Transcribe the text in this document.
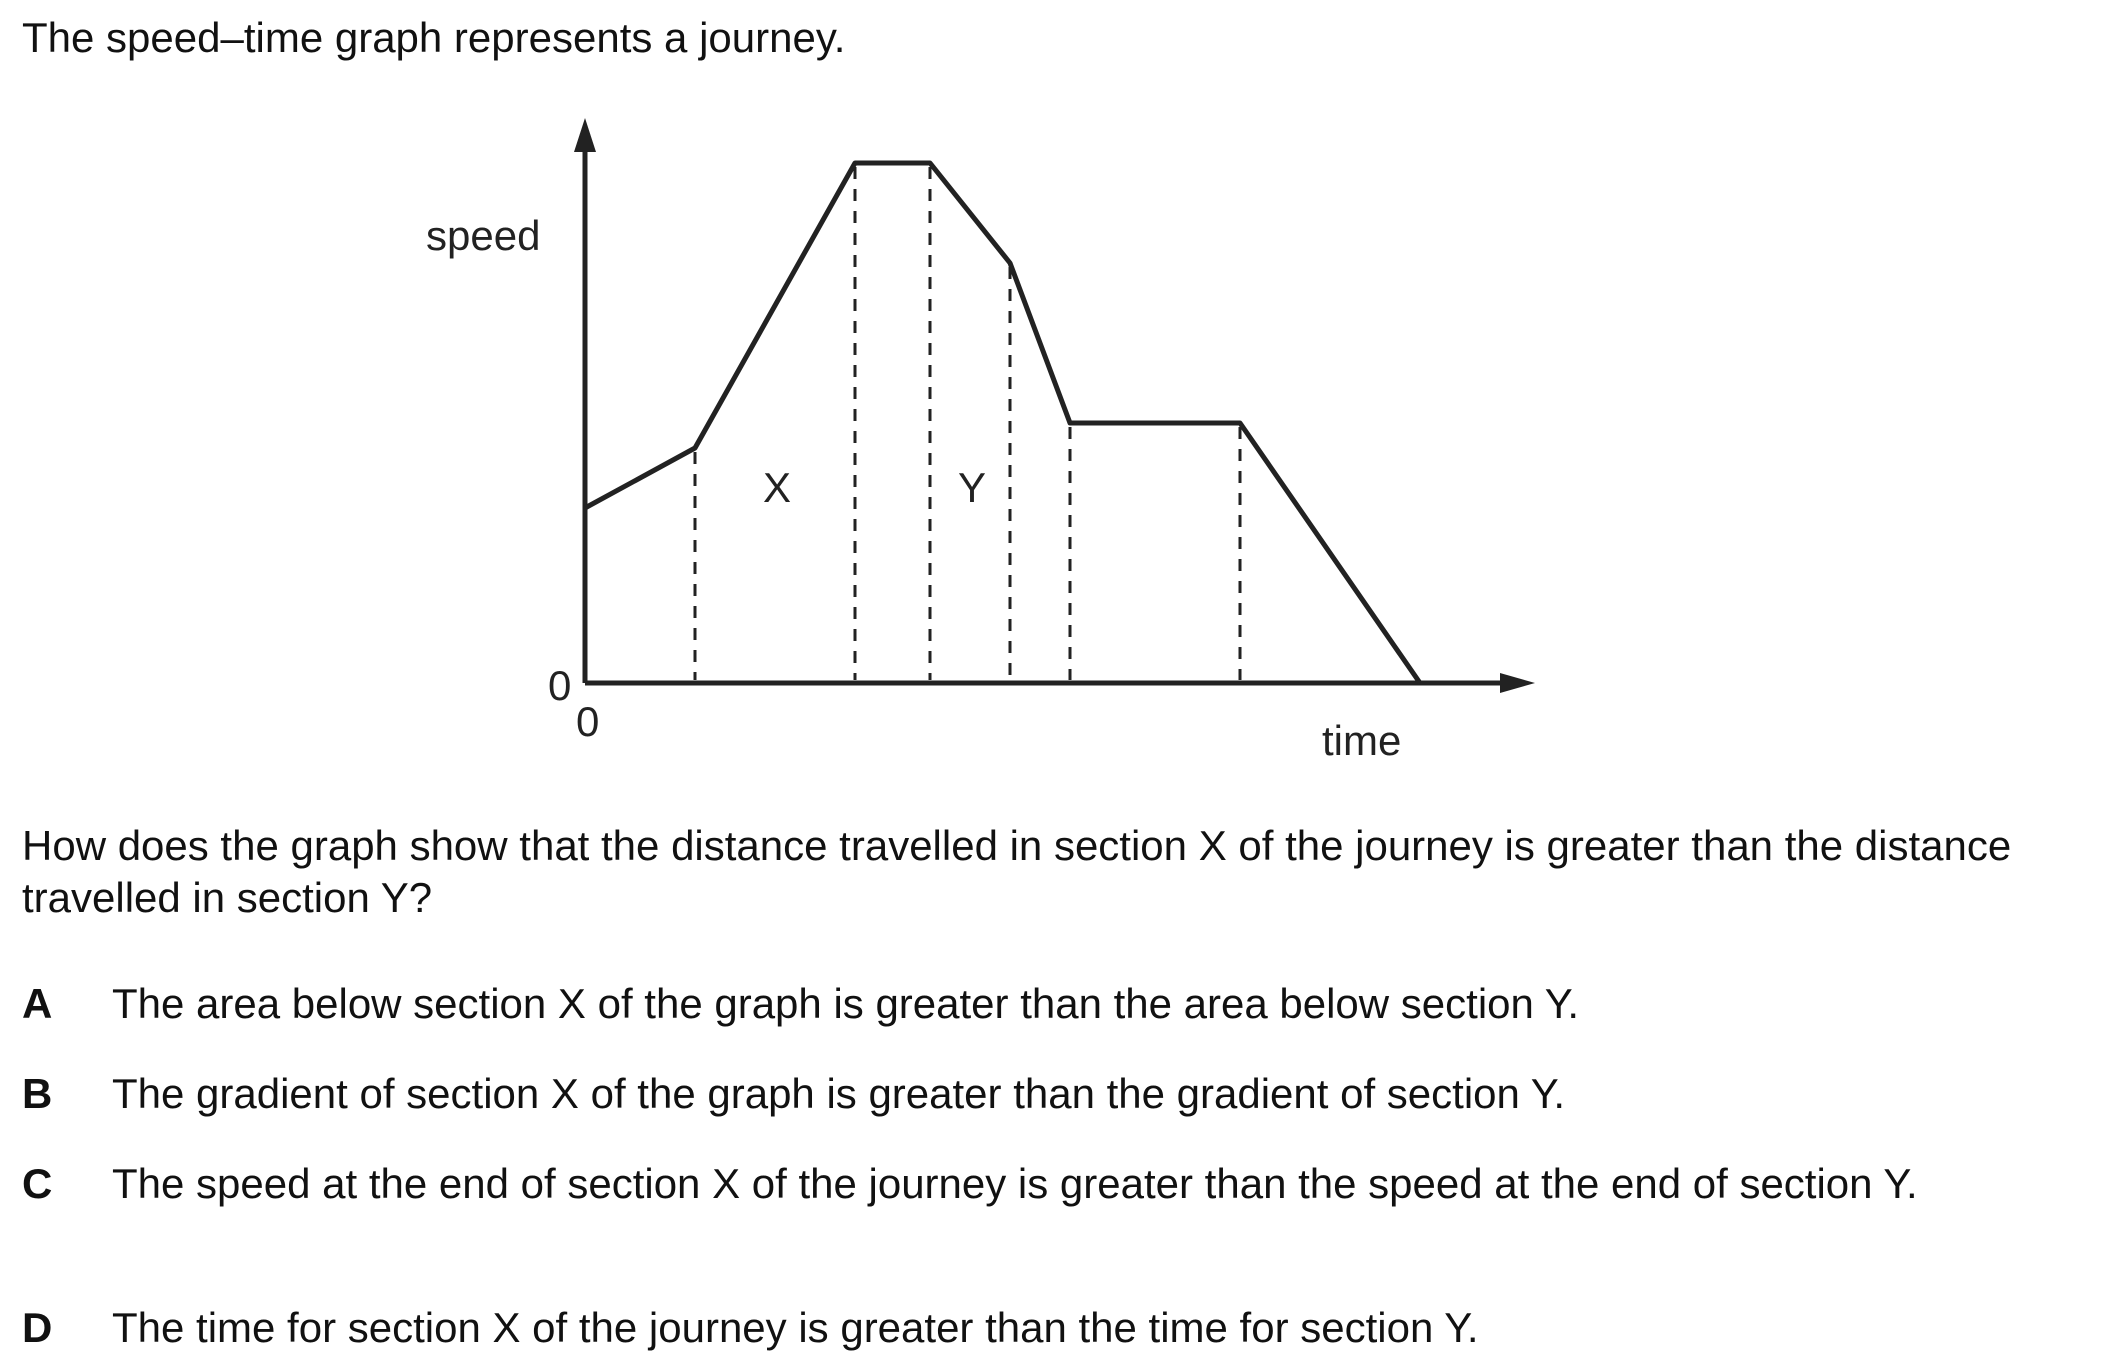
The speed–time graph represents a journey.
speed
time
0
0
X	Y
How does the graph show that the distance travelled in section X of the journey is greater than the distance travelled in section Y?
A The area below section X of the graph is greater than the area below section Y.
B The gradient of section X of the graph is greater than the gradient of section Y.
C The speed at the end of section X of the journey is greater than the speed at the end of section Y.
D The time for section X of the journey is greater than the time for section Y.
